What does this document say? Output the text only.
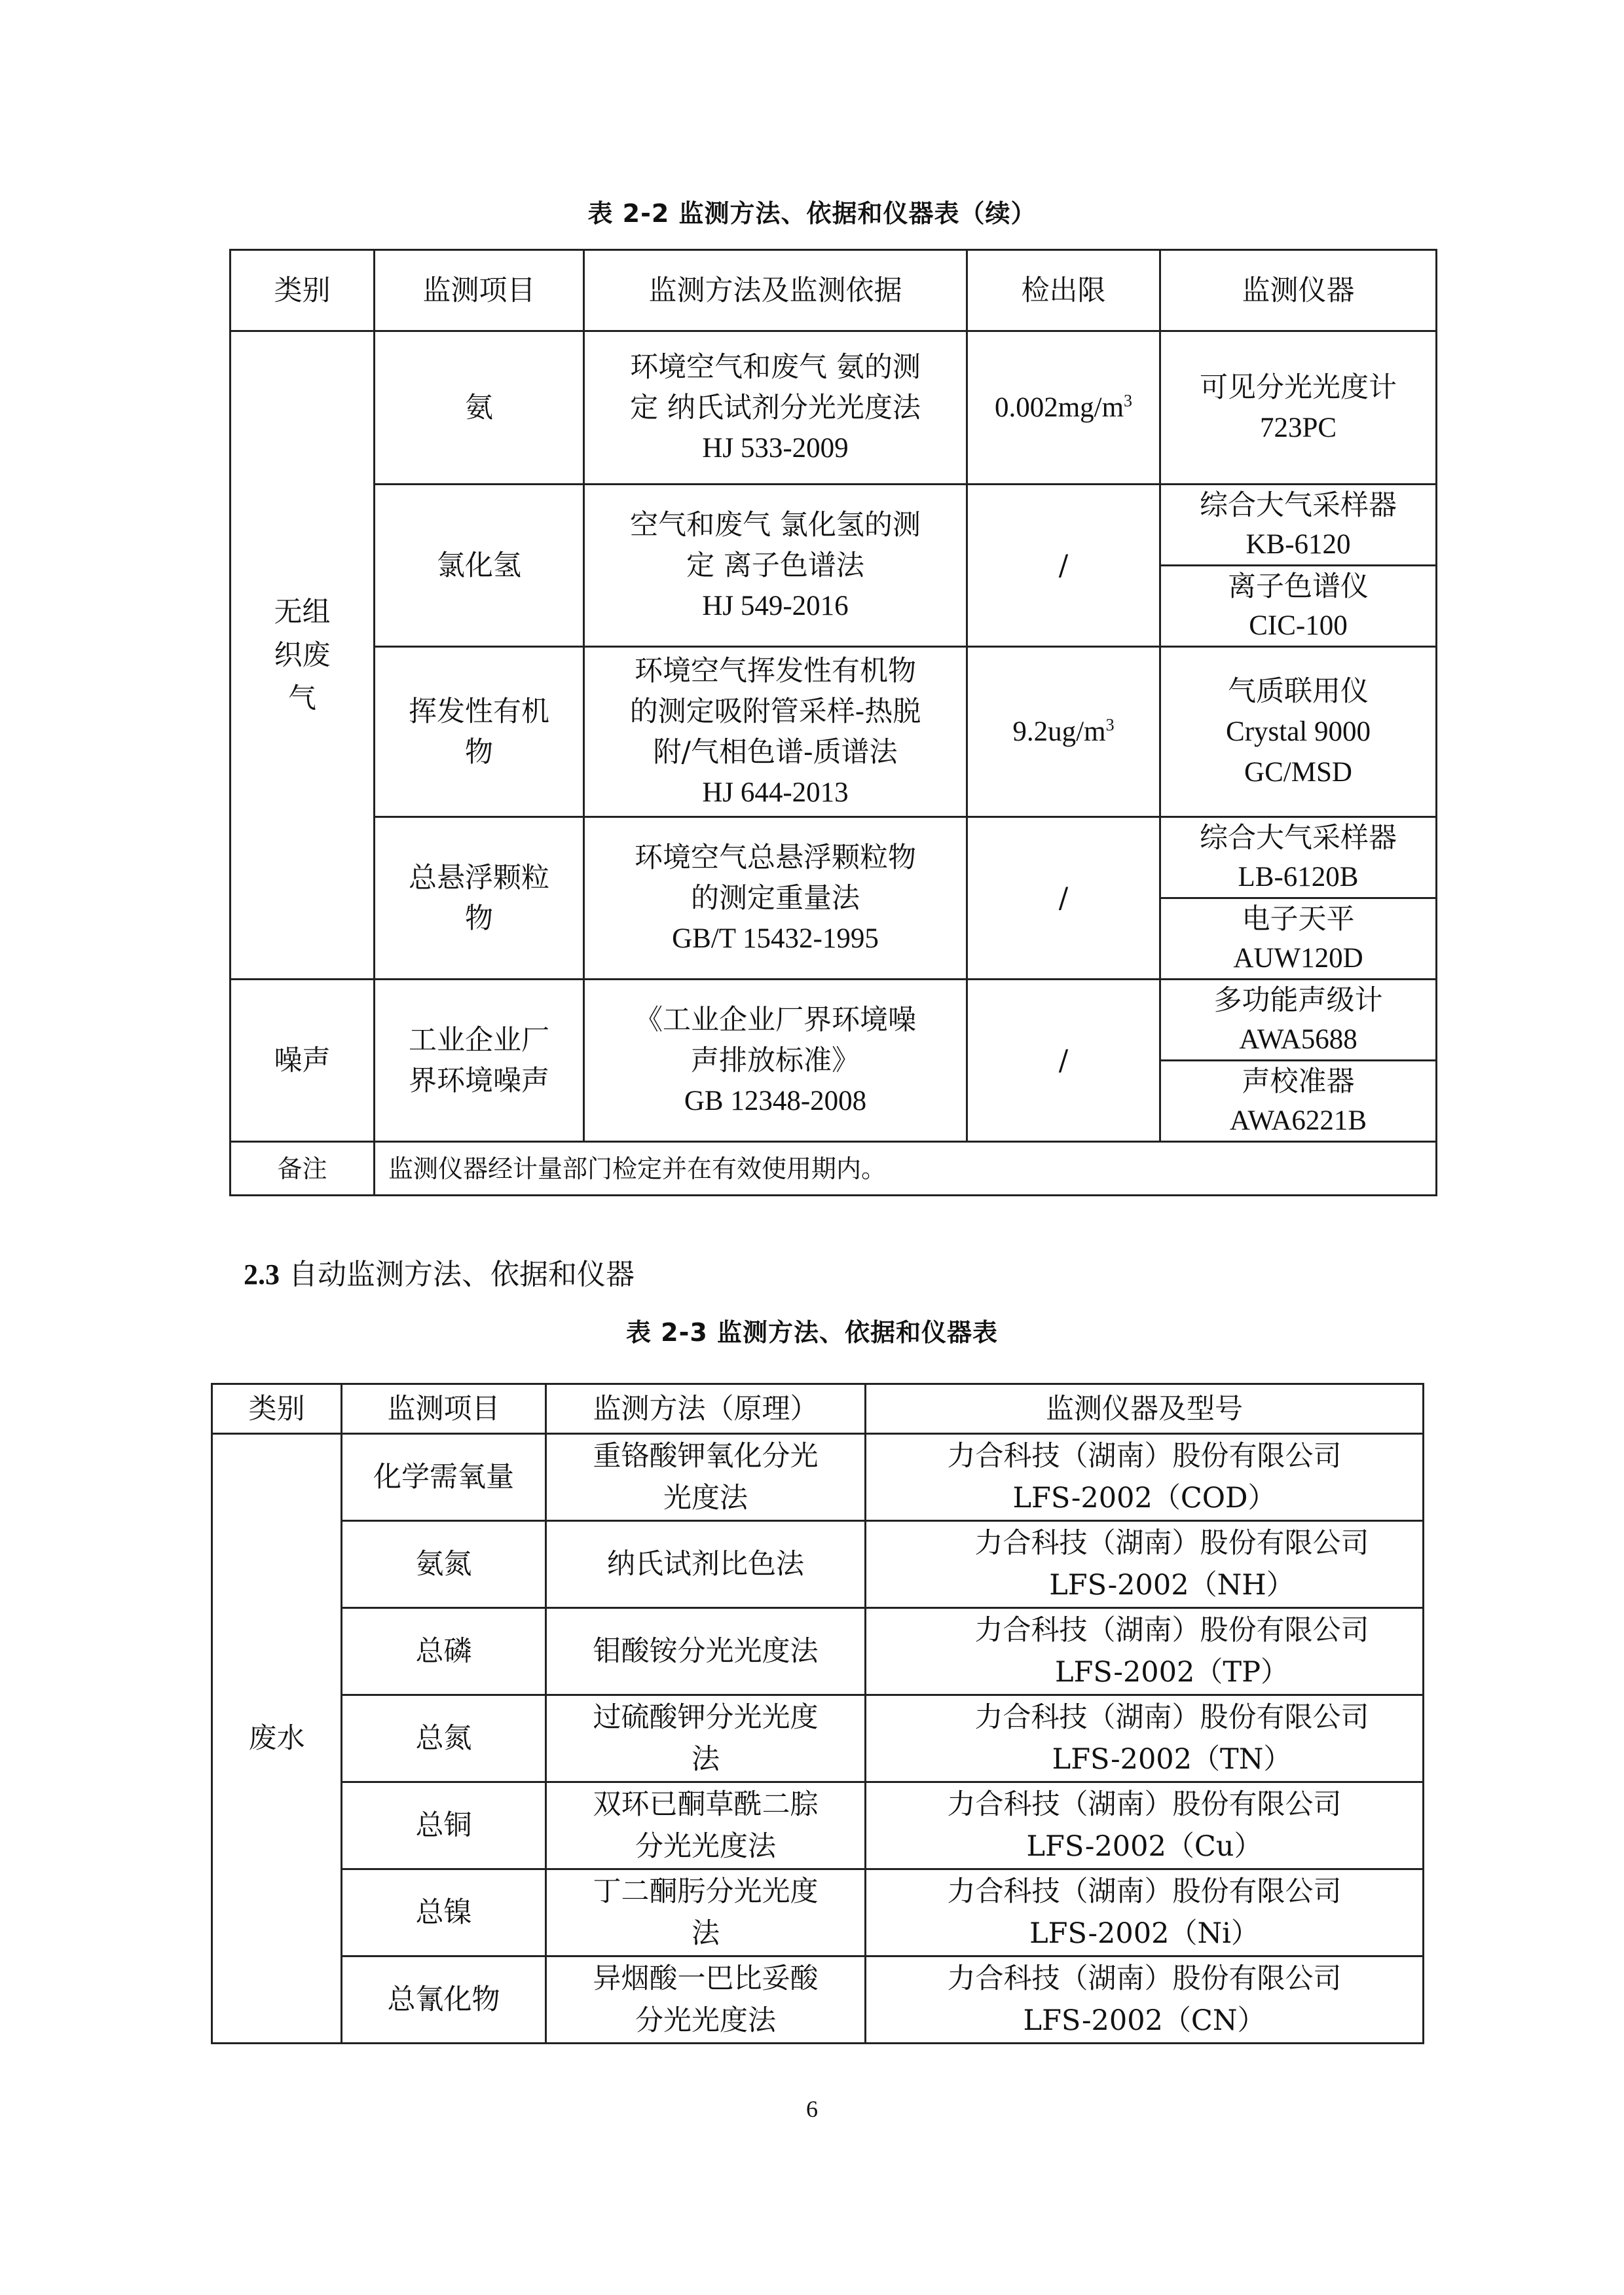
表 2-2 监测方法、依据和仪器表（续）
类别	监测项目	监测方法及监测依据	检出限	监测仪器

无组织废气	氨	环境空气和废气 氨的测
定 纳氏试剂分光光度法
HJ 533-2009	$0.002mg/m^3$	可见分光光度计
723PC

	氯化氢	空气和废气 氯化氢的测
定 离子色谱法
HJ 549-2016	/	综合大气采样器
KB-6120

				离子色谱仪
CIC-100

	挥发性有机
物	环境空气挥发性有机物
的测定吸附管采样-热脱
附/气相色谱-质谱法
HJ 644-2013	$9.2ug/m^3$	气质联用仪
Crystal 9000
GC/MSD

	总悬浮颗粒
物	环境空气总悬浮颗粒物
的测定重量法
GB/T 15432-1995	/	综合大气采样器
LB-6120B

				电子天平
AUW120D

噪声	工业企业厂
界环境噪声	《工业企业厂界环境噪
声排放标准》
GB 12348-2008	/	多功能声级计
AWA5688

				声校准器
AWA6221B

备注	监测仪器经计量部门检定并在有效使用期内。			
2.3 自动监测方法、依据和仪器
表 2-3 监测方法、依据和仪器表
类别	监测项目	监测方法（原理）	监测仪器及型号
废水	化学需氧量	重铬酸钾氧化分光
光度法	力合科技（湖南）股份有限公司
LFS-2002（COD）

	氨氮	纳氏试剂比色法	力合科技（湖南）股份有限公司
LFS-2002（NH）

	总磷	钼酸铵分光光度法	力合科技（湖南）股份有限公司
LFS-2002（TP）

	总氮	过硫酸钾分光光度
法	力合科技（湖南）股份有限公司
LFS-2002（TN）

	总铜	双环已酮草酰二腙
分光光度法	力合科技（湖南）股份有限公司
LFS-2002（Cu）

	总镍	丁二酮肟分光光度
法	力合科技（湖南）股份有限公司
LFS-2002（Ni）

	总氰化物	异烟酸一巴比妥酸
分光光度法	力合科技（湖南）股份有限公司
LFS-2002（CN）
6
